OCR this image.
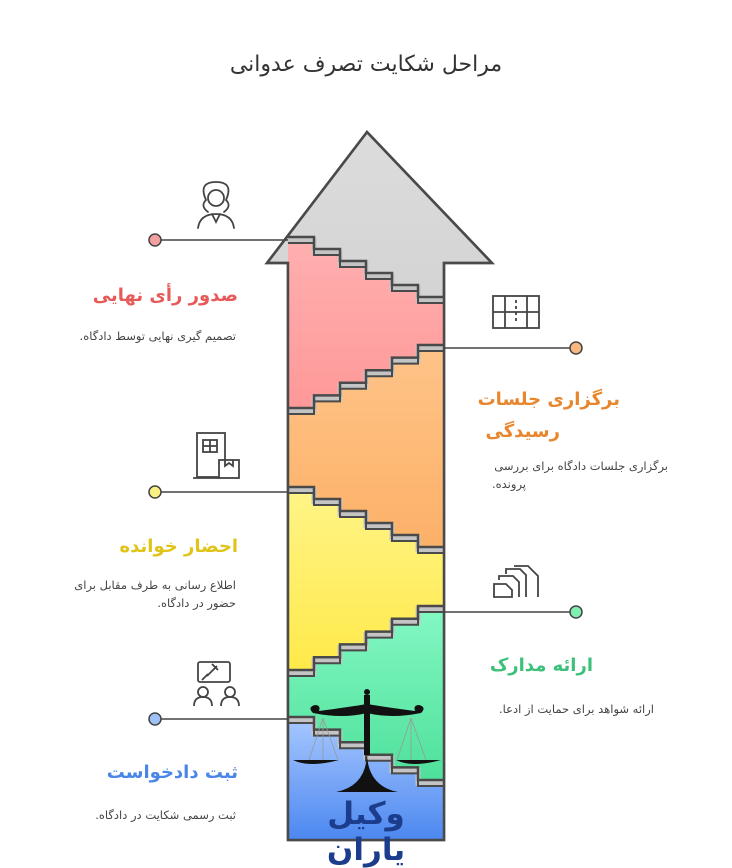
مراحل شکایت تصرف عدوانی
صدور رأی نهایی
تصمیم گیری نهایی توسط دادگاه.
برگزاری جلسات
رسیدگی
برگزاری جلسات دادگاه برای بررسی
پرونده.
احضار خوانده
اطلاع رسانی به طرف مقابل برای
حضور در دادگاه.
ارائه مدارک
ارائه شواهد برای حمایت از ادعا.
ثبت دادخواست
ثبت رسمی شکایت در دادگاه.	وکیل یاران
